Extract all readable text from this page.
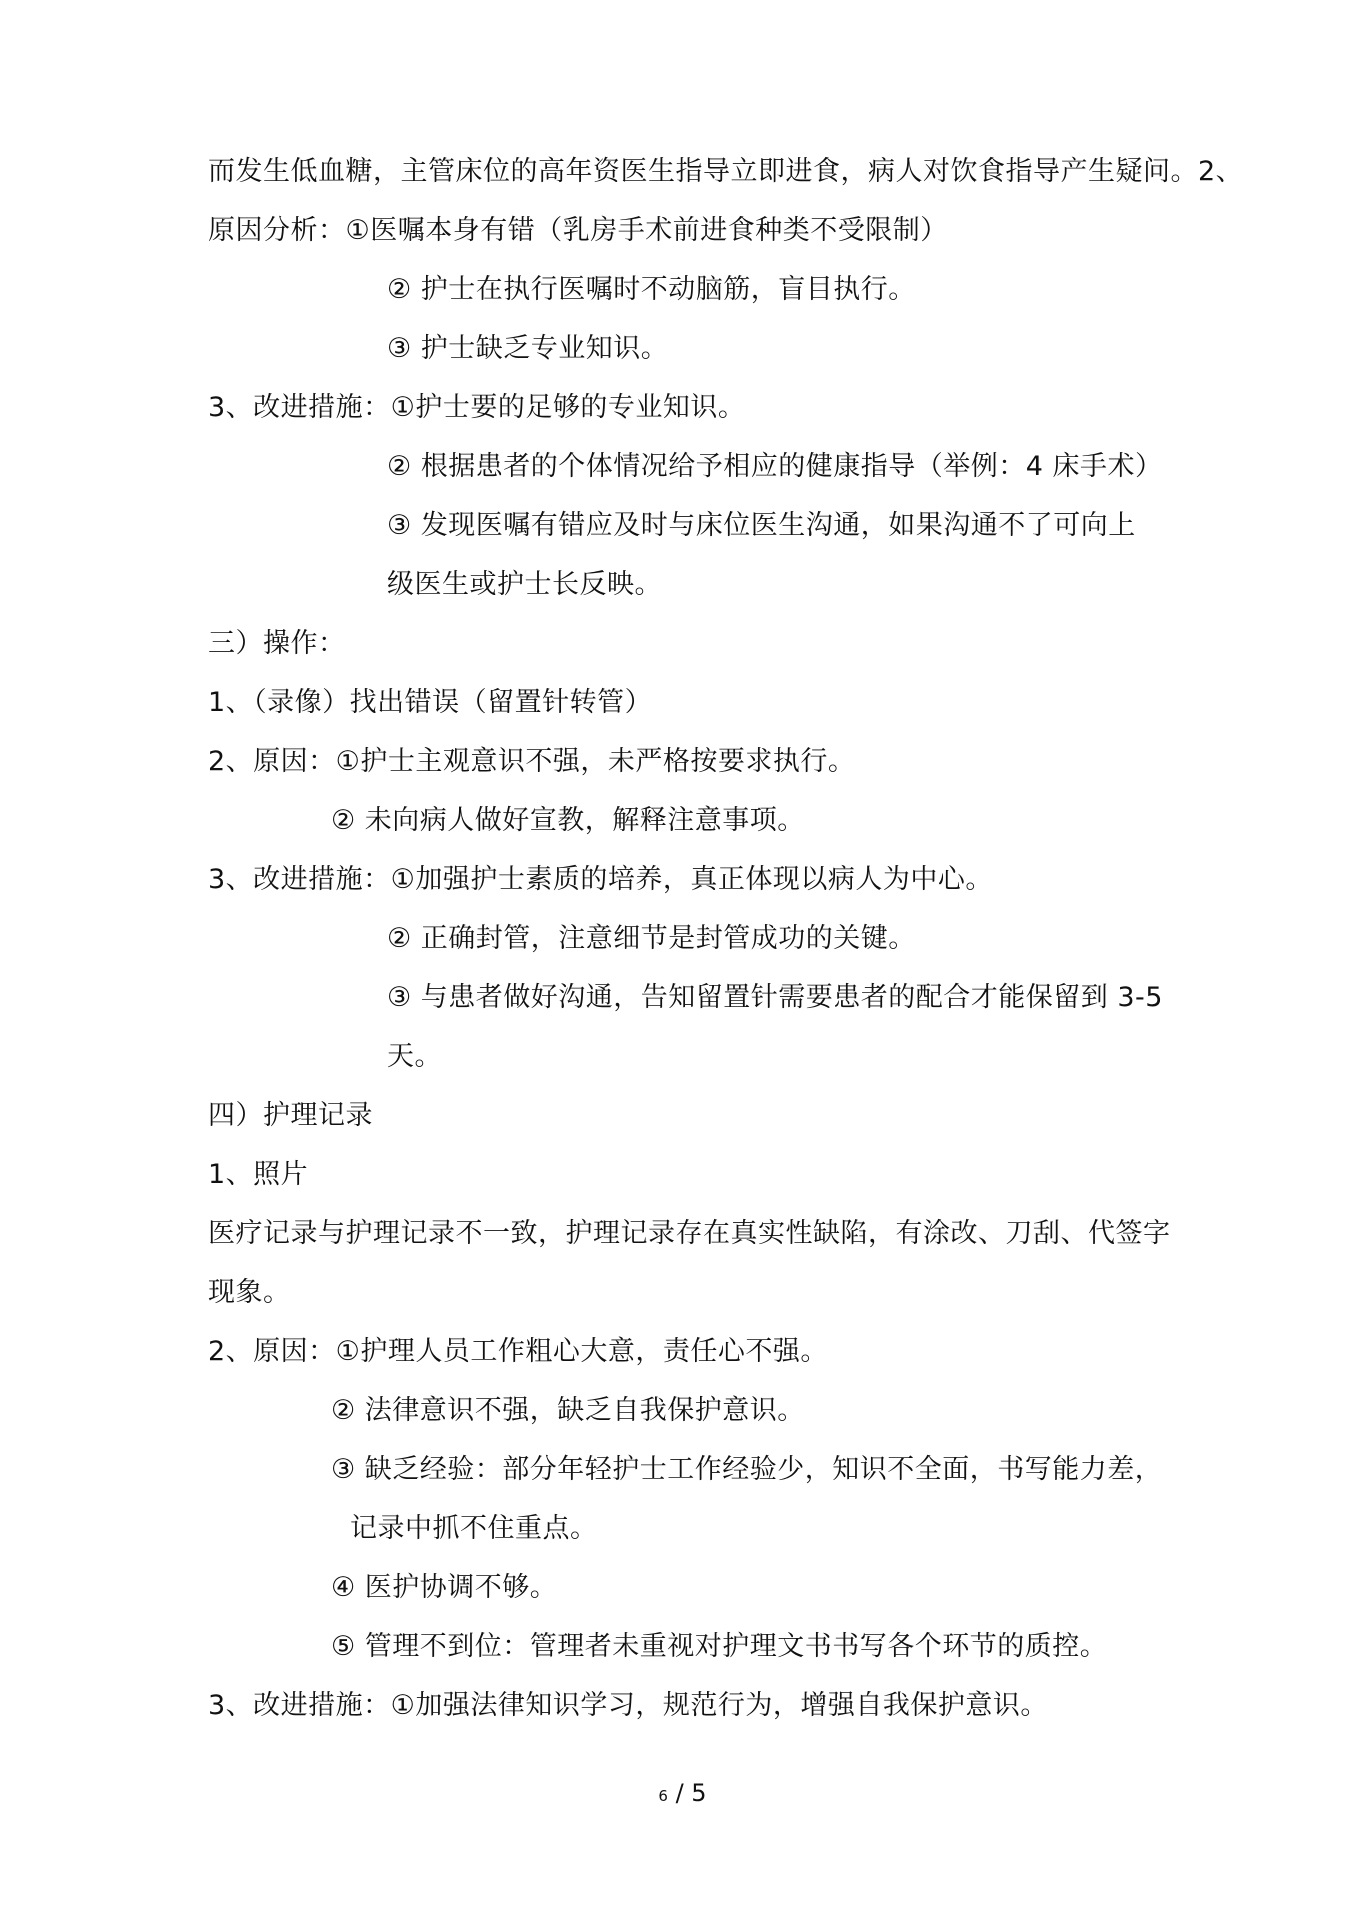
而发生低血糖，主管床位的高年资医生指导立即进食，病人对饮食指导产生疑问。2、
原因分析：①医嘱本身有错（乳房手术前进食种类不受限制）
② 护士在执行医嘱时不动脑筋，盲目执行。
③ 护士缺乏专业知识。
3、改进措施：①护士要的足够的专业知识。
② 根据患者的个体情况给予相应的健康指导（举例：4 床手术）
③ 发现医嘱有错应及时与床位医生沟通，如果沟通不了可向上
级医生或护士长反映。
三）操作：
1、（录像）找出错误（留置针转管）
2、原因：①护士主观意识不强，未严格按要求执行。
② 未向病人做好宣教，解释注意事项。
3、改进措施：①加强护士素质的培养，真正体现以病人为中心。
② 正确封管，注意细节是封管成功的关键。
③ 与患者做好沟通，告知留置针需要患者的配合才能保留到 3-5
天。
四）护理记录
1、照片
医疗记录与护理记录不一致，护理记录存在真实性缺陷，有涂改、刀刮、代签字
现象。
2、原因：①护理人员工作粗心大意，责任心不强。
② 法律意识不强，缺乏自我保护意识。
③ 缺乏经验：部分年轻护士工作经验少，知识不全面，书写能力差，
记录中抓不住重点。
④ 医护协调不够。
⑤ 管理不到位：管理者未重视对护理文书书写各个环节的质控。
3、改进措施：①加强法律知识学习，规范行为，增强自我保护意识。
6 / 5
